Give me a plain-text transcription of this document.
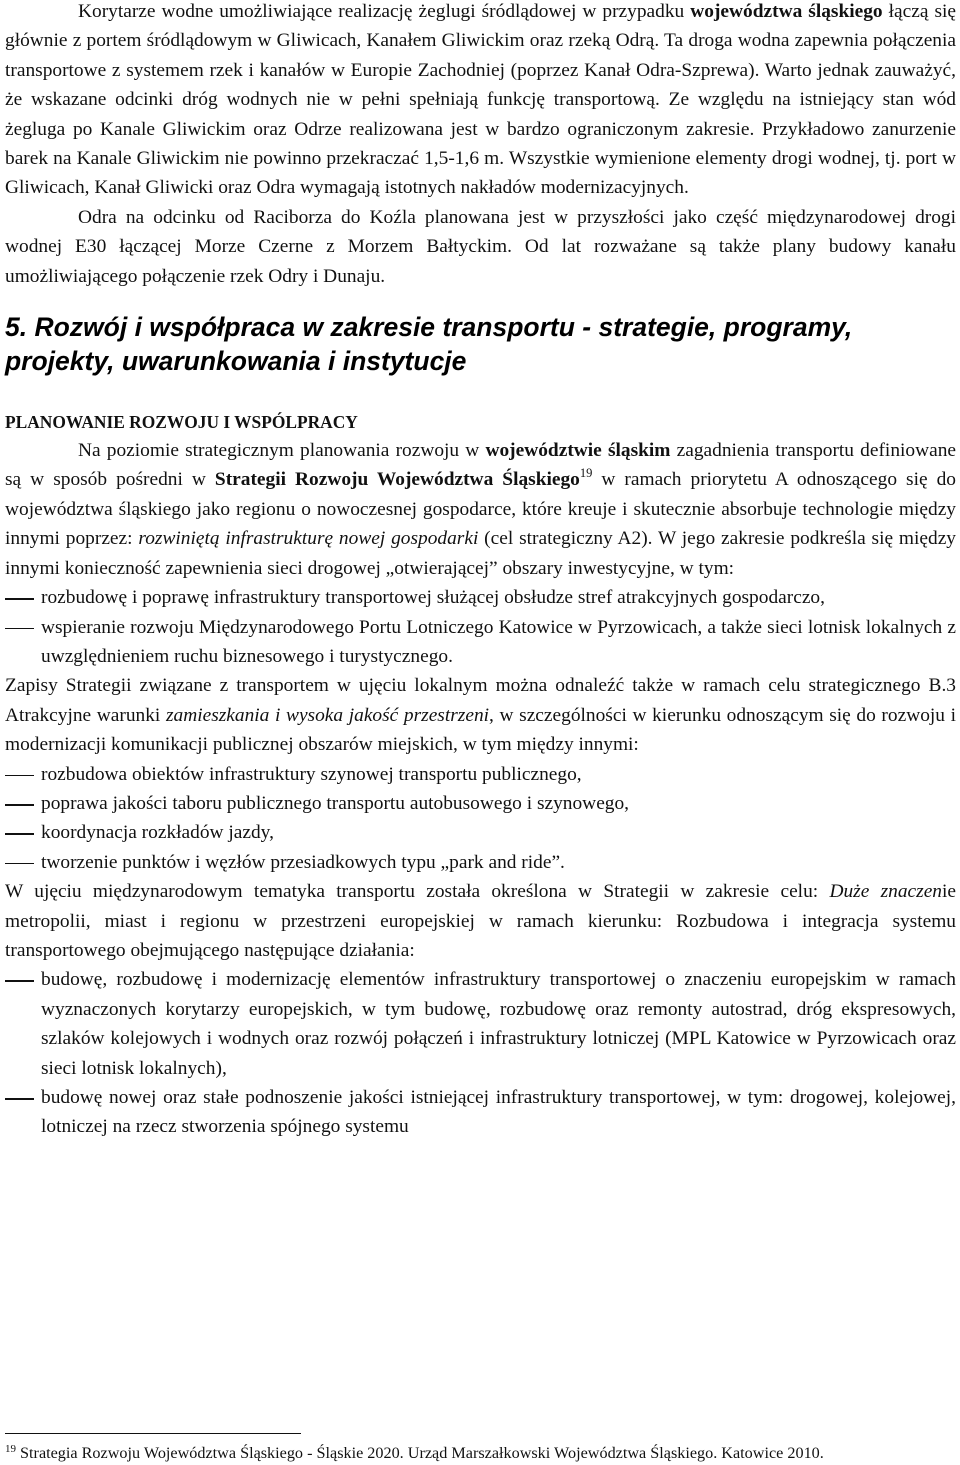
Korytarze wodne umożliwiające realizację żeglugi śródlądowej w przypadku województwa śląskiego łączą się głównie z portem śródlądowym w Gliwicach, Kanałem Gliwickim oraz rzeką Odrą. Ta droga wodna zapewnia połączenia transportowe z systemem rzek i kanałów w Europie Zachodniej (poprzez Kanał Odra-Szprewa). Warto jednak zauważyć, że wskazane odcinki dróg wodnych nie w pełni spełniają funkcję transportową. Ze względu na istniejący stan wód żegluga po Kanale Gliwickim oraz Odrze realizowana jest w bardzo ograniczonym zakresie. Przykładowo zanurzenie barek na Kanale Gliwickim nie powinno przekraczać 1,5-1,6 m. Wszystkie wymienione elementy drogi wodnej, tj. port w Gliwicach, Kanał Gliwicki oraz Odra wymagają istotnych nakładów modernizacyjnych.

Odra na odcinku od Raciborza do Koźla planowana jest w przyszłości jako część międzynarodowej drogi wodnej E30 łączącej Morze Czerne z Morzem Bałtyckim. Od lat rozważane są także plany budowy kanału umożliwiającego połączenie rzek Odry i Dunaju.

5. Rozwój i współpraca w zakresie transportu - strategie, programy, projekty, uwarunkowania i instytucje
PLANOWANIE ROZWOJU I WSPÓLPRACY

Na poziomie strategicznym planowania rozwoju w województwie śląskim zagadnienia transportu definiowane są w sposób pośredni w Strategii Rozwoju Województwa Śląskiego$^{19}$ w ramach priorytetu A odnoszącego się do województwa śląskiego jako regionu o nowoczesnej gospodarce, które kreuje i skutecznie absorbuje technologie między innymi poprzez: rozwiniętą infrastrukturę nowej gospodarki (cel strategiczny A2). W jego zakresie podkreśla się między innymi konieczność zapewnienia sieci drogowej „otwierającej” obszary inwestycyjne, w tym:

rozbudowę i poprawę infrastruktury transportowej służącej obsłudze stref atrakcyjnych gospodarczo,
wspieranie rozwoju Międzynarodowego Portu Lotniczego Katowice w Pyrzowicach, a także sieci lotnisk lokalnych z uwzględnieniem ruchu biznesowego i turystycznego.

Zapisy Strategii związane z transportem w ujęciu lokalnym można odnaleźć także w ramach celu strategicznego B.3 Atrakcyjne warunki zamieszkania i wysoka jakość przestrzeni, w szczególności w kierunku odnoszącym się do rozwoju i modernizacji komunikacji publicznej obszarów miejskich, w tym między innymi:

rozbudowa obiektów infrastruktury szynowej transportu publicznego,
poprawa jakości taboru publicznego transportu autobusowego i szynowego,
koordynacja rozkładów jazdy,
tworzenie punktów i węzłów przesiadkowych typu „park and ride”.

W ujęciu międzynarodowym tematyka transportu została określona w Strategii w zakresie celu: Duże znaczenie metropolii, miast i regionu w przestrzeni europejskiej w ramach kierunku: Rozbudowa i integracja systemu transportowego obejmującego następujące działania:

budowę, rozbudowę i modernizację elementów infrastruktury transportowej o znaczeniu europejskim w ramach wyznaczonych korytarzy europejskich, w tym budowę, rozbudowę oraz remonty autostrad, dróg ekspresowych, szlaków kolejowych i wodnych oraz rozwój połączeń i infrastruktury lotniczej (MPL Katowice w Pyrzowicach oraz sieci lotnisk lokalnych),
budowę nowej oraz stałe podnoszenie jakości istniejącej infrastruktury transportowej, w tym: drogowej, kolejowej, lotniczej na rzecz stworzenia spójnego systemu
$^{19}$ Strategia Rozwoju Województwa Śląskiego - Śląskie 2020. Urząd Marszałkowski Województwa Śląskiego. Katowice 2010.
